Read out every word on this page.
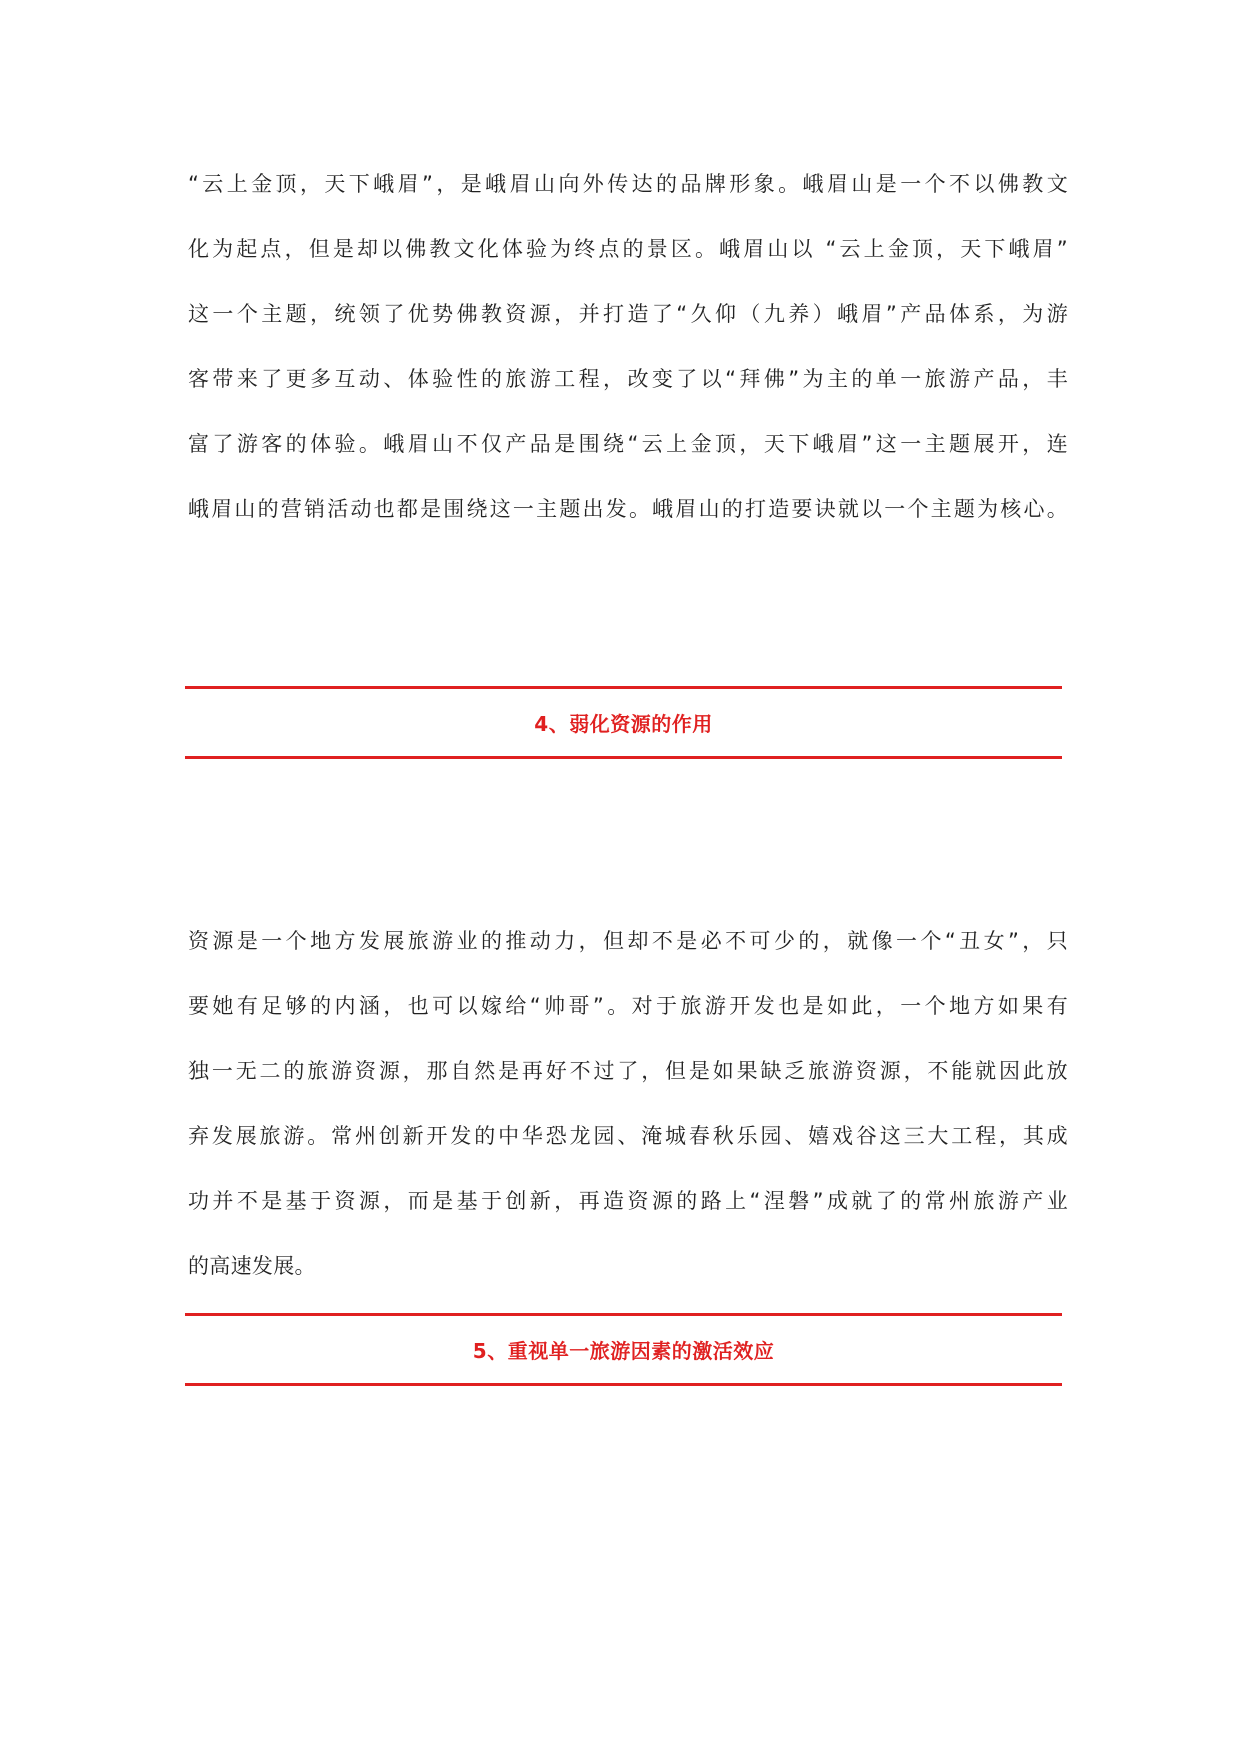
“云上金顶，天下峨眉”，是峨眉山向外传达的品牌形象。峨眉山是一个不以佛教文
化为起点，但是却以佛教文化体验为终点的景区。峨眉山以 “云上金顶，天下峨眉”
这一个主题，统领了优势佛教资源，并打造了“久仰（九养）峨眉”产品体系，为游
客带来了更多互动、体验性的旅游工程，改变了以“拜佛”为主的单一旅游产品，丰
富了游客的体验。峨眉山不仅产品是围绕“云上金顶，天下峨眉”这一主题展开，连
峨眉山的营销活动也都是围绕这一主题出发。峨眉山的打造要诀就以一个主题为核心。

4、弱化资源的作用

资源是一个地方发展旅游业的推动力，但却不是必不可少的，就像一个“丑女”，只
要她有足够的内涵，也可以嫁给“帅哥”。对于旅游开发也是如此，一个地方如果有
独一无二的旅游资源，那自然是再好不过了，但是如果缺乏旅游资源，不能就因此放
弃发展旅游。常州创新开发的中华恐龙园、淹城春秋乐园、嬉戏谷这三大工程，其成
功并不是基于资源，而是基于创新，再造资源的路上“涅磐”成就了的常州旅游产业
的高速发展。

5、重视单一旅游因素的激活效应
